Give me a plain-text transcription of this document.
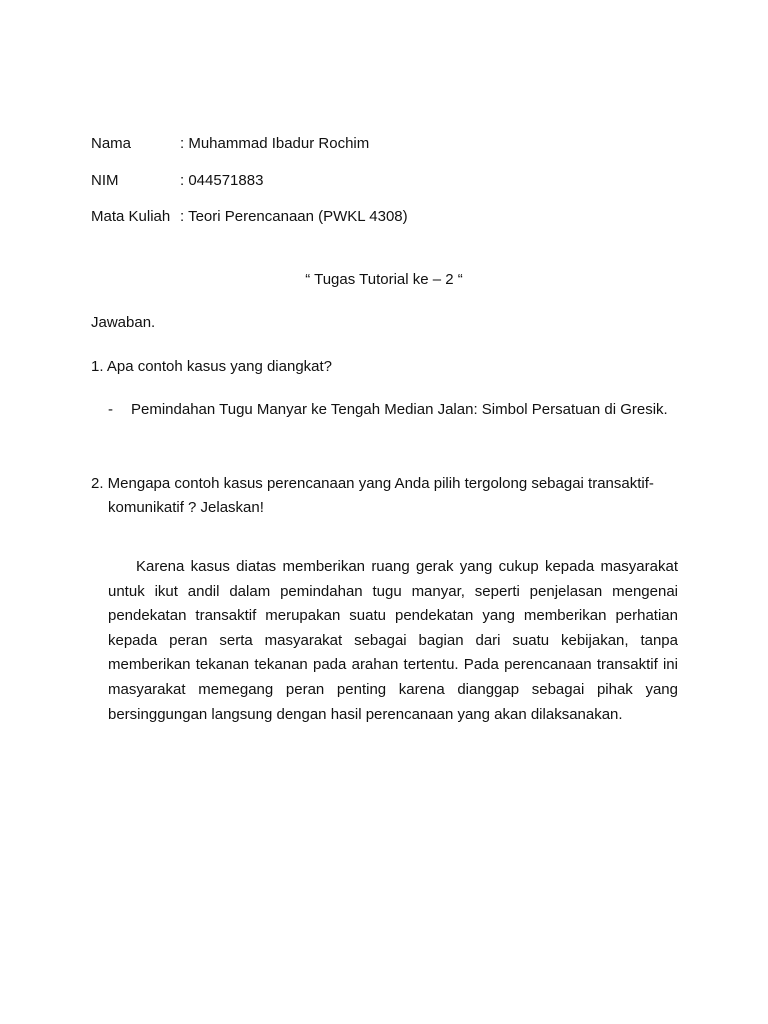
Nama	: Muhammad Ibadur Rochim
NIM	: 044571883
Mata Kuliah : Teori Perencanaan (PWKL 4308)
“ Tugas Tutorial ke – 2 “
Jawaban.
1. Apa contoh kasus yang diangkat?
- Pemindahan Tugu Manyar ke Tengah Median Jalan: Simbol Persatuan di Gresik.
2. Mengapa contoh kasus perencanaan yang Anda pilih tergolong sebagai transaktif-
komunikatif ? Jelaskan!

Karena kasus diatas memberikan ruang gerak yang cukup kepada masyarakat untuk ikut andil dalam pemindahan tugu manyar, seperti penjelasan mengenai pendekatan transaktif merupakan suatu pendekatan yang memberikan perhatian kepada peran serta masyarakat sebagai bagian dari suatu kebijakan, tanpa memberikan tekanan tekanan pada arahan tertentu. Pada perencanaan transaktif ini masyarakat memegang peran penting karena dianggap sebagai pihak yang bersinggungan langsung dengan hasil perencanaan yang akan dilaksanakan.
